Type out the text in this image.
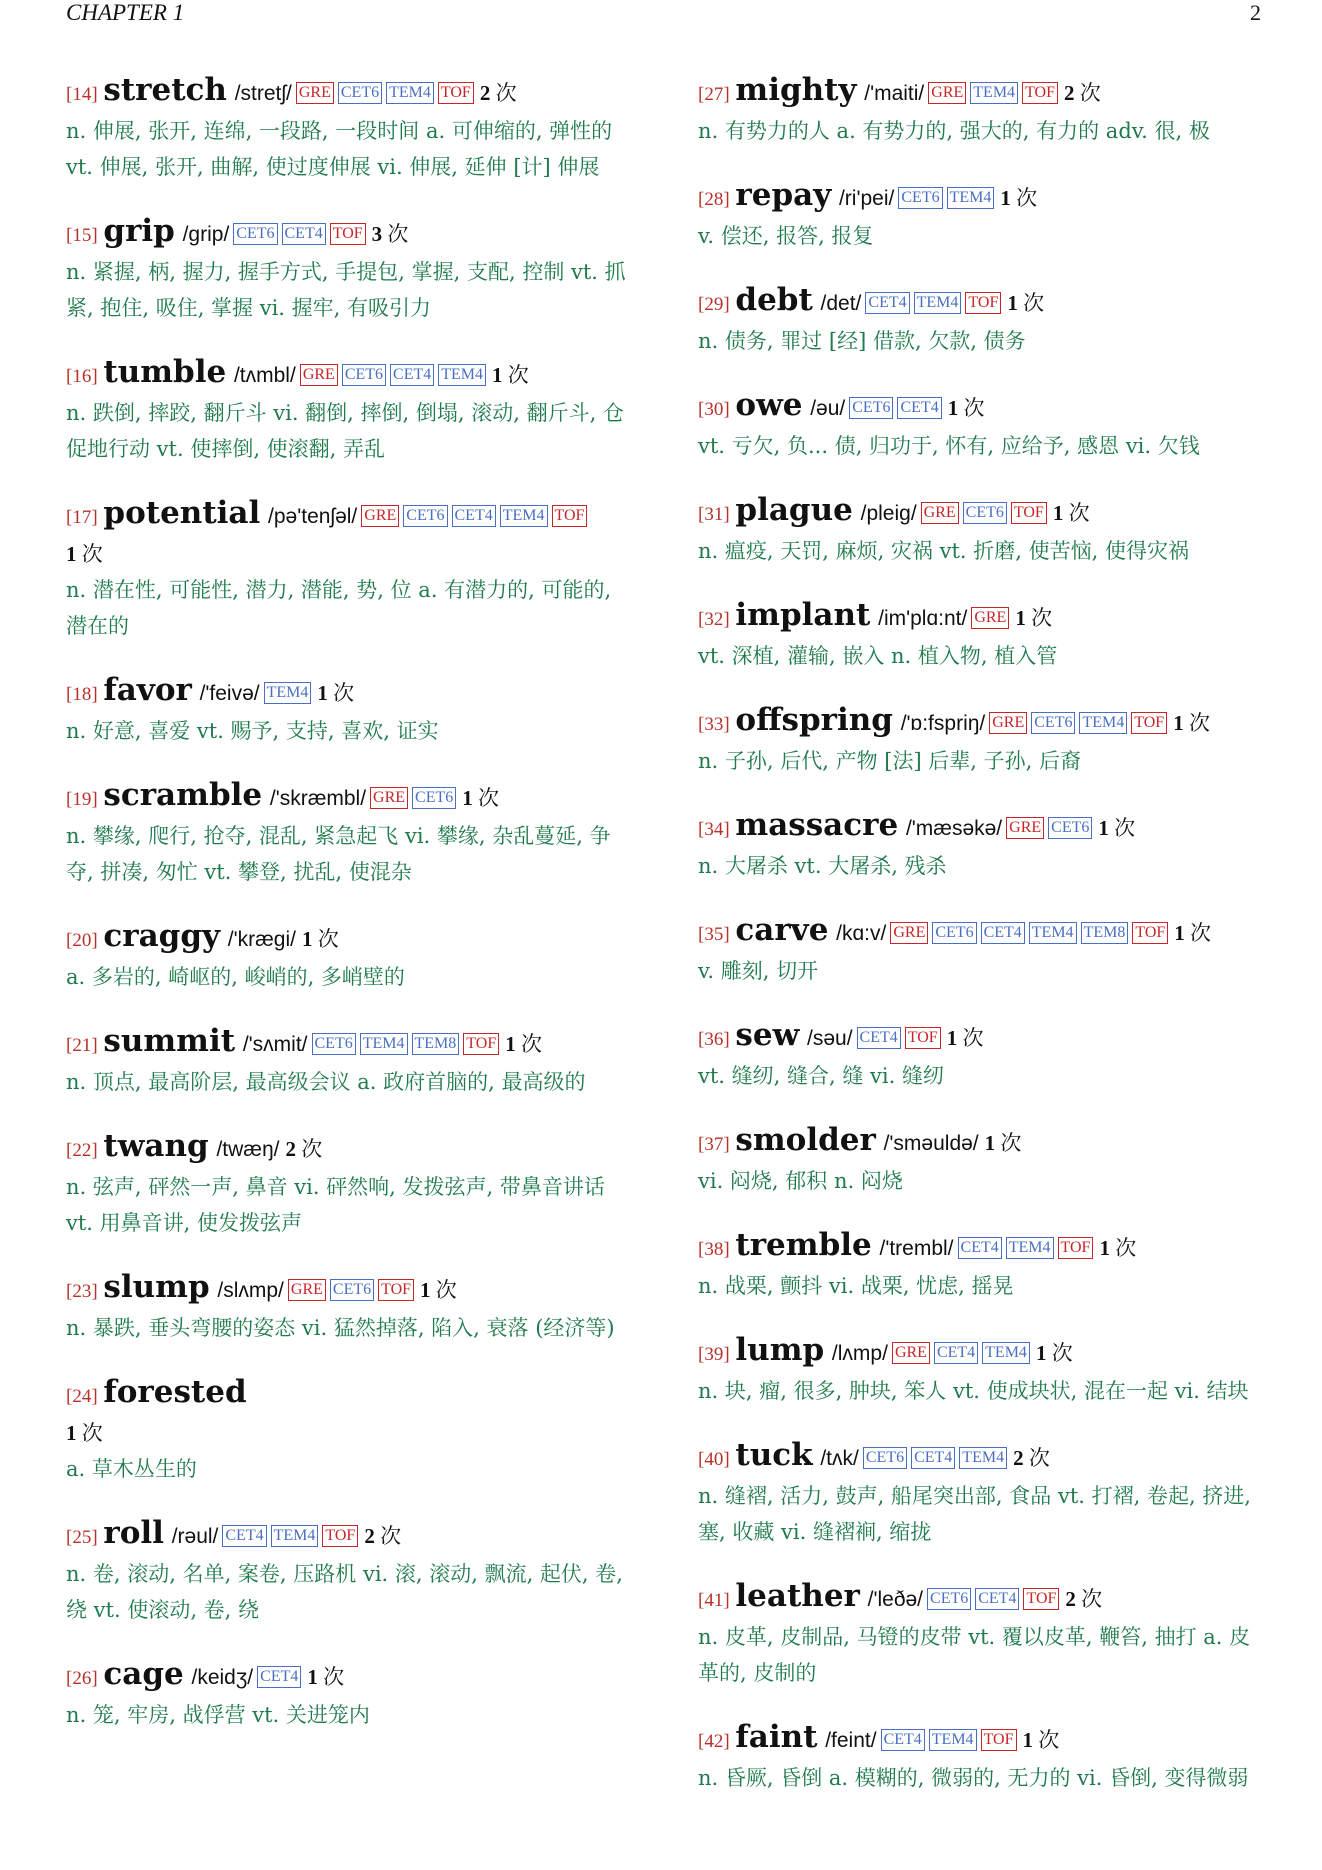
CHAPTER 1	2
[14] stretch /stretʃ/ GRE CET6 TEM4 TOF 2 次
n. 伸展, 张开, 连绵, 一段路, 一段时间 a. 可伸缩的, 弹性的 vt. 伸展, 张开, 曲解, 使过度伸展 vi. 伸展, 延伸 [计] 伸展
[15] grip /grip/ CET6 CET4 TOF 3 次
n. 紧握, 柄, 握力, 握手方式, 手提包, 掌握, 支配, 控制 vt. 抓紧, 抱住, 吸住, 掌握 vi. 握牢, 有吸引力
[16] tumble /tʌmbl/ GRE CET6 CET4 TEM4 1 次
n. 跌倒, 摔跤, 翻斤斗 vi. 翻倒, 摔倒, 倒塌, 滚动, 翻斤斗, 仓促地行动 vt. 使摔倒, 使滚翻, 弄乱
[17] potential /pə'tenʃəl/ GRE CET6 CET4 TEM4 TOF
1 次
n. 潜在性, 可能性, 潜力, 潜能, 势, 位 a. 有潜力的, 可能的, 潜在的
[18] favor /'feivə/ TEM4 1 次
n. 好意, 喜爱 vt. 赐予, 支持, 喜欢, 证实
[19] scramble /'skræmbl/ GRE CET6 1 次
n. 攀缘, 爬行, 抢夺, 混乱, 紧急起飞 vi. 攀缘, 杂乱蔓延, 争夺, 拼凑, 匆忙 vt. 攀登, 扰乱, 使混杂
[20] craggy /'krægi/ 1 次
a. 多岩的, 崎岖的, 峻峭的, 多峭壁的
[21] summit /'sʌmit/ CET6 TEM4 TEM8 TOF 1 次
n. 顶点, 最高阶层, 最高级会议 a. 政府首脑的, 最高级的
[22] twang /twæŋ/ 2 次
n. 弦声, 砰然一声, 鼻音 vi. 砰然响, 发拨弦声, 带鼻音讲话 vt. 用鼻音讲, 使发拨弦声
[23] slump /slʌmp/ GRE CET6 TOF 1 次
n. 暴跌, 垂头弯腰的姿态 vi. 猛然掉落, 陷入, 衰落 (经济等)
[24] forested
1 次
a. 草木丛生的
[25] roll /rəul/ CET4 TEM4 TOF 2 次
n. 卷, 滚动, 名单, 案卷, 压路机 vi. 滚, 滚动, 飘流, 起伏, 卷, 绕 vt. 使滚动, 卷, 绕
[26] cage /keidʒ/ CET4 1 次
n. 笼, 牢房, 战俘营 vt. 关进笼内
[27] mighty /'maiti/ GRE TEM4 TOF 2 次
n. 有势力的人 a. 有势力的, 强大的, 有力的 adv. 很, 极
[28] repay /ri'pei/ CET6 TEM4 1 次
v. 偿还, 报答, 报复
[29] debt /det/ CET4 TEM4 TOF 1 次
n. 债务, 罪过 [经] 借款, 欠款, 债务
[30] owe /əu/ CET6 CET4 1 次
vt. 亏欠, 负... 债, 归功于, 怀有, 应给予, 感恩 vi. 欠钱
[31] plague /pleig/ GRE CET6 TOF 1 次
n. 瘟疫, 天罚, 麻烦, 灾祸 vt. 折磨, 使苦恼, 使得灾祸
[32] implant /im'plɑ:nt/ GRE 1 次
vt. 深植, 灌输, 嵌入 n. 植入物, 植入管
[33] offspring /'ɒ:fspriŋ/ GRE CET6 TEM4 TOF 1 次
n. 子孙, 后代, 产物 [法] 后辈, 子孙, 后裔
[34] massacre /'mæsəkə/ GRE CET6 1 次
n. 大屠杀 vt. 大屠杀, 残杀
[35] carve /kɑ:v/ GRE CET6 CET4 TEM4 TEM8 TOF 1 次
v. 雕刻, 切开
[36] sew /səu/ CET4 TOF 1 次
vt. 缝纫, 缝合, 缝 vi. 缝纫
[37] smolder /'sməuldə/ 1 次
vi. 闷烧, 郁积 n. 闷烧
[38] tremble /'trembl/ CET4 TEM4 TOF 1 次
n. 战栗, 颤抖 vi. 战栗, 忧虑, 摇晃
[39] lump /lʌmp/ GRE CET4 TEM4 1 次
n. 块, 瘤, 很多, 肿块, 笨人 vt. 使成块状, 混在一起 vi. 结块
[40] tuck /tʌk/ CET6 CET4 TEM4 2 次
n. 缝褶, 活力, 鼓声, 船尾突出部, 食品 vt. 打褶, 卷起, 挤进, 塞, 收藏 vi. 缝褶裥, 缩拢
[41] leather /'leðə/ CET6 CET4 TOF 2 次
n. 皮革, 皮制品, 马镫的皮带 vt. 覆以皮革, 鞭笞, 抽打 a. 皮革的, 皮制的
[42] faint /feint/ CET4 TEM4 TOF 1 次
n. 昏厥, 昏倒 a. 模糊的, 微弱的, 无力的 vi. 昏倒, 变得微弱
